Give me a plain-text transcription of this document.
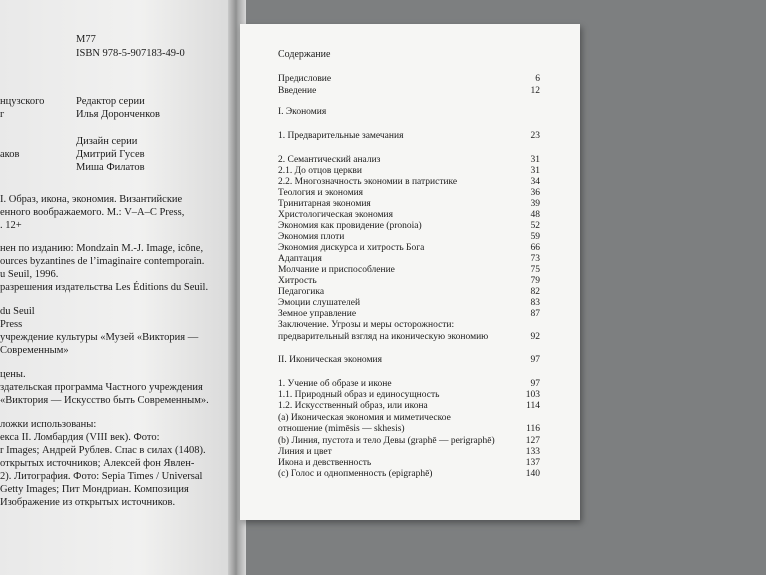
М77
ISBN 978-5-907183-49-0
нцузского	Редактор серии
г	Илья Доронченков
Дизайн серии
аков	Дмитрий Гусев
Миша Филатов
I. Образ, икона, экономия. Византийские
енного воображаемого. М.: V–A–C Press,
. 12+
нен по изданию: Mondzain M.-J. Image, icône,
ources byzantines de l’imaginaire contemporain.
u Seuil, 1996.
разрешения издательства Les Éditions du Seuil.
du Seuil
Press
учреждение культуры «Музей «Виктория —
Современным»
цены.
здательская программа Частного учреждения
«Виктория — Искусство быть Современным».
ложки использованы:
екса II. Ломбардия (VIII век). Фото:
r Images; Андрей Рублев. Спас в силах (1408).
открытых источников; Алексей фон Явлен-
2). Литография. Фото: Sepia Times / Universal
Getty Images; Пит Мондриан. Композиция
Изображение из открытых источников.
Содержание
Предисловие	6
Введение	12
I. Экономия
1. Предварительные замечания	23
2. Семантический анализ	31
2.1. До отцов церкви	31
2.2. Многозначность экономии в патристике	34
Теология и экономия	36
Тринитарная экономия	39
Христологическая экономия	48
Экономия как провидение (pronoia)	52
Экономия плоти	59
Экономия дискурса и хитрость Бога	66
Адаптация	73
Молчание и приспособление	75
Хитрость	79
Педагогика	82
Эмоции слушателей	83
Земное управление	87
Заключение. Угрозы и меры осторожности:
предварительный взгляд на иконическую экономию	92
II. Иконическая экономия	97
1. Учение об образе и иконе	97
1.1. Природный образ и единосущность	103
1.2. Искусственный образ, или икона	114
(a) Иконическая экономия и миметическое
отношение (mimēsis — skhesis)	116
(b) Линия, пустота и тело Девы (graphē — perigraphē)	127
Линия и цвет	133
Икона и девственность	137
(c) Голос и однопменность (epigraphē)	140
